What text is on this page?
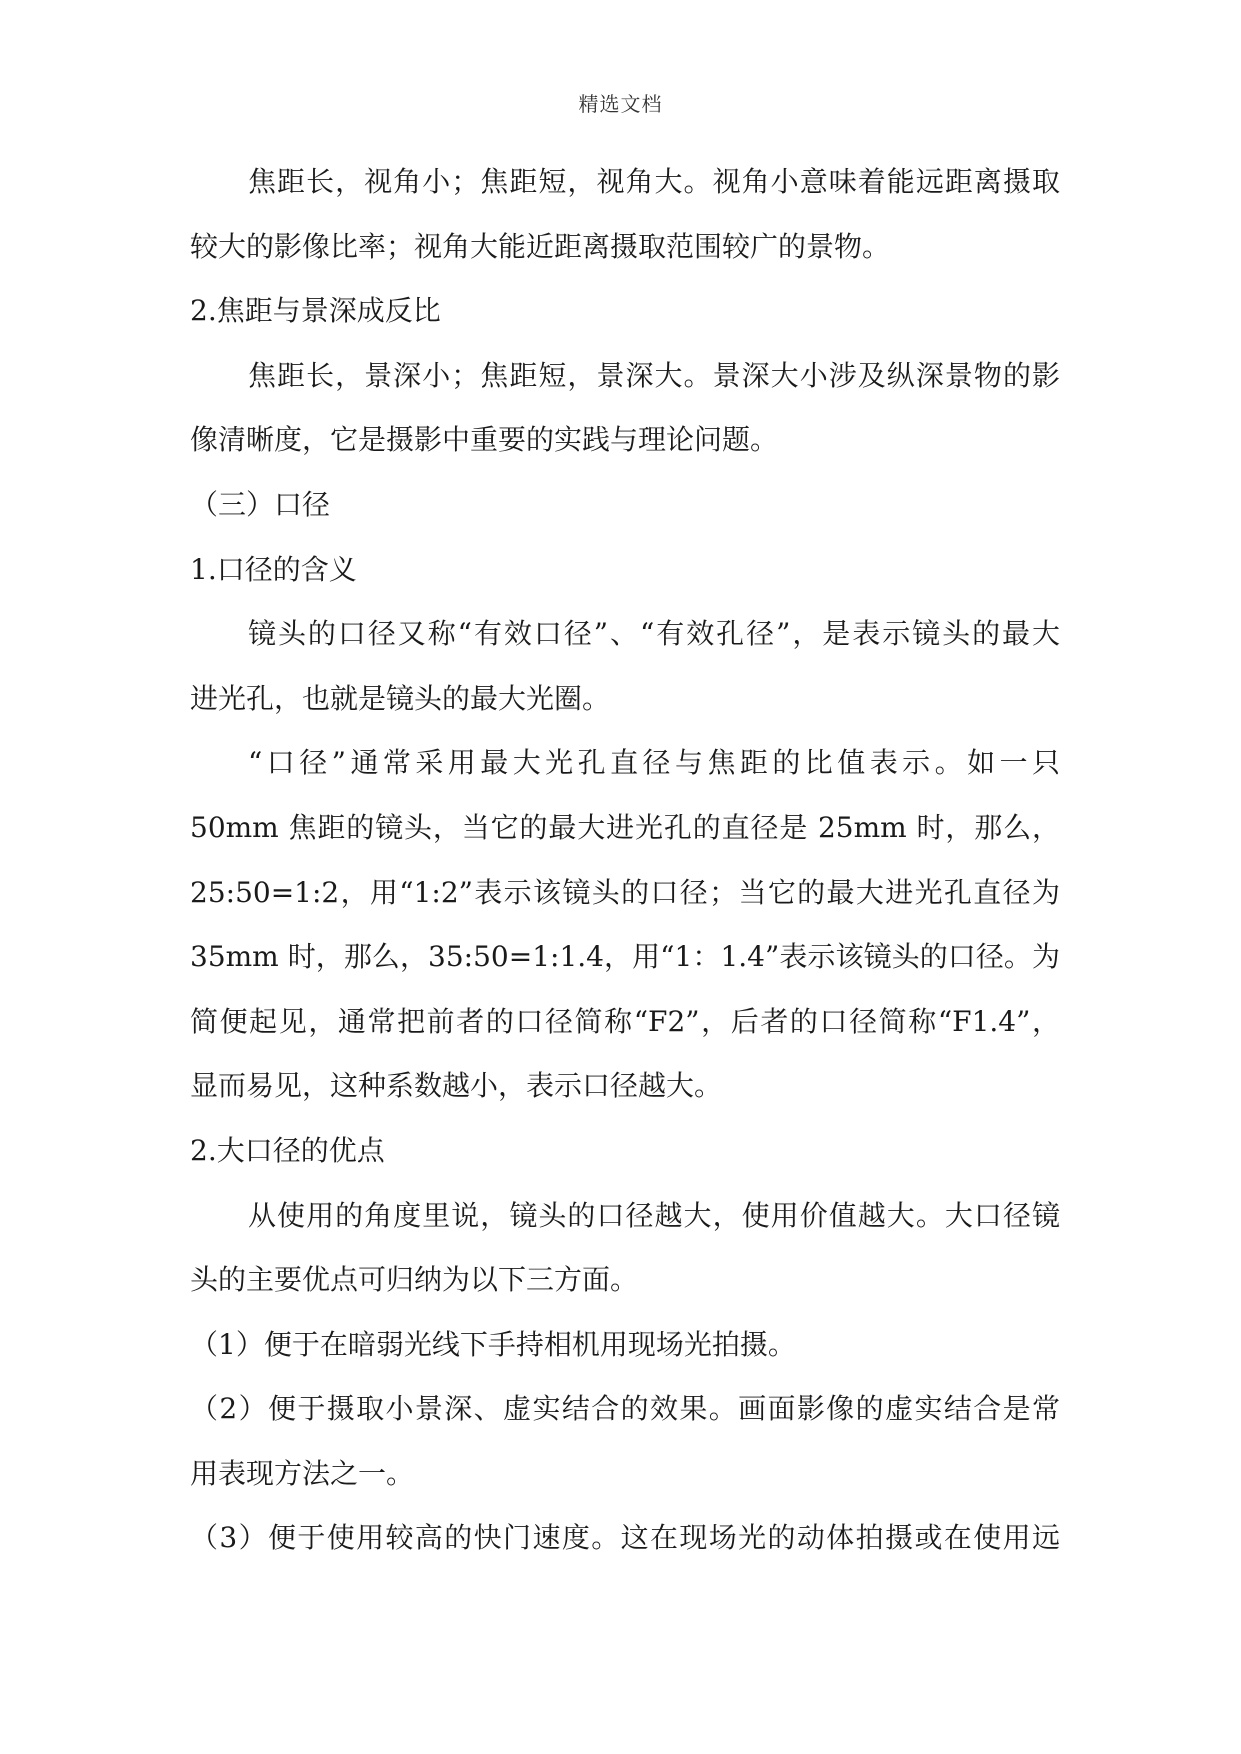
精选文档
焦距长，视角小；焦距短，视角大。视角小意味着能远距离摄取
较大的影像比率；视角大能近距离摄取范围较广的景物。
2.焦距与景深成反比
焦距长，景深小；焦距短，景深大。景深大小涉及纵深景物的影
像清晰度，它是摄影中重要的实践与理论问题。
（三）口径
1.口径的含义
镜头的口径又称“有效口径”、“有效孔径”，是表示镜头的最大
进光孔，也就是镜头的最大光圈。
“口径”通常采用最大光孔直径与焦距的比值表示。如一只
50mm 焦距的镜头，当它的最大进光孔的直径是 25mm 时，那么，
25:50=1:2，用“1:2”表示该镜头的口径；当它的最大进光孔直径为
35mm 时，那么，35:50=1:1.4，用“1：1.4”表示该镜头的口径。为
简便起见，通常把前者的口径简称“F2”，后者的口径简称“F1.4”，
显而易见，这种系数越小，表示口径越大。
2.大口径的优点
从使用的角度里说，镜头的口径越大，使用价值越大。大口径镜
头的主要优点可归纳为以下三方面。
（1）便于在暗弱光线下手持相机用现场光拍摄。
（2）便于摄取小景深、虚实结合的效果。画面影像的虚实结合是常
用表现方法之一。
（3）便于使用较高的快门速度。这在现场光的动体拍摄或在使用远
